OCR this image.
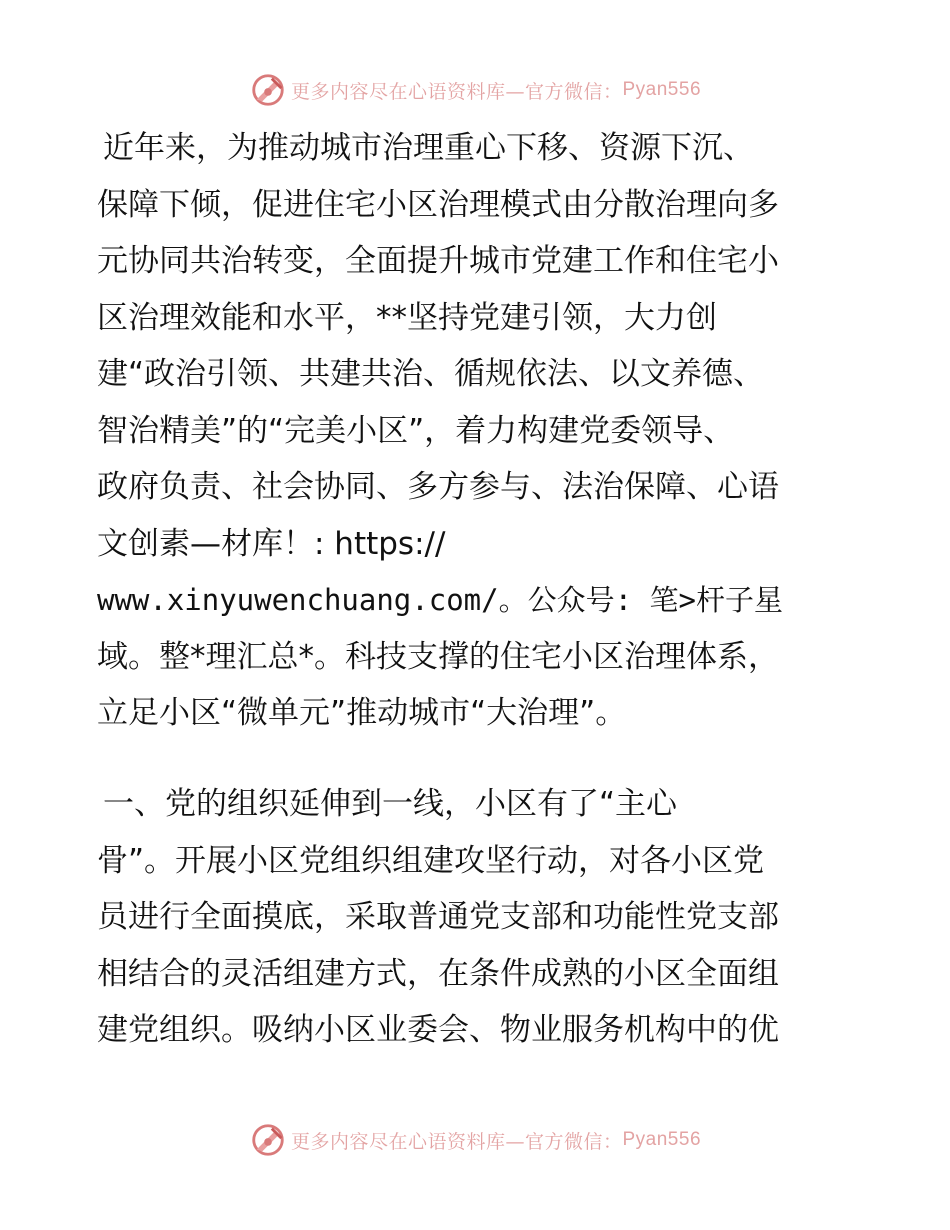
更多内容尽在心语资料库—官方微信： Pyan556
近年来，为推动城市治理重心下移、资源下沉、
保障下倾，促进住宅小区治理模式由分散治理向多
元协同共治转变，全面提升城市党建工作和住宅小
区治理效能和水平，**坚持党建引领，大力创
建“政治引领、共建共治、循规依法、以文养德、
智治精美”的“完美小区”，着力构建党委领导、
政府负责、社会协同、多方参与、法治保障、心语
文创素—材库！: https://
www.xinyuwenchuang.com/。公众号: 笔>杆子星
域。整*理汇总*。科技支撑的住宅小区治理体系，
立足小区“微单元”推动城市“大治理”。
一、党的组织延伸到一线，小区有了“主心
骨”。开展小区党组织组建攻坚行动，对各小区党
员进行全面摸底，采取普通党支部和功能性党支部
相结合的灵活组建方式，在条件成熟的小区全面组
建党组织。吸纳小区业委会、物业服务机构中的优
更多内容尽在心语资料库—官方微信： Pyan556
